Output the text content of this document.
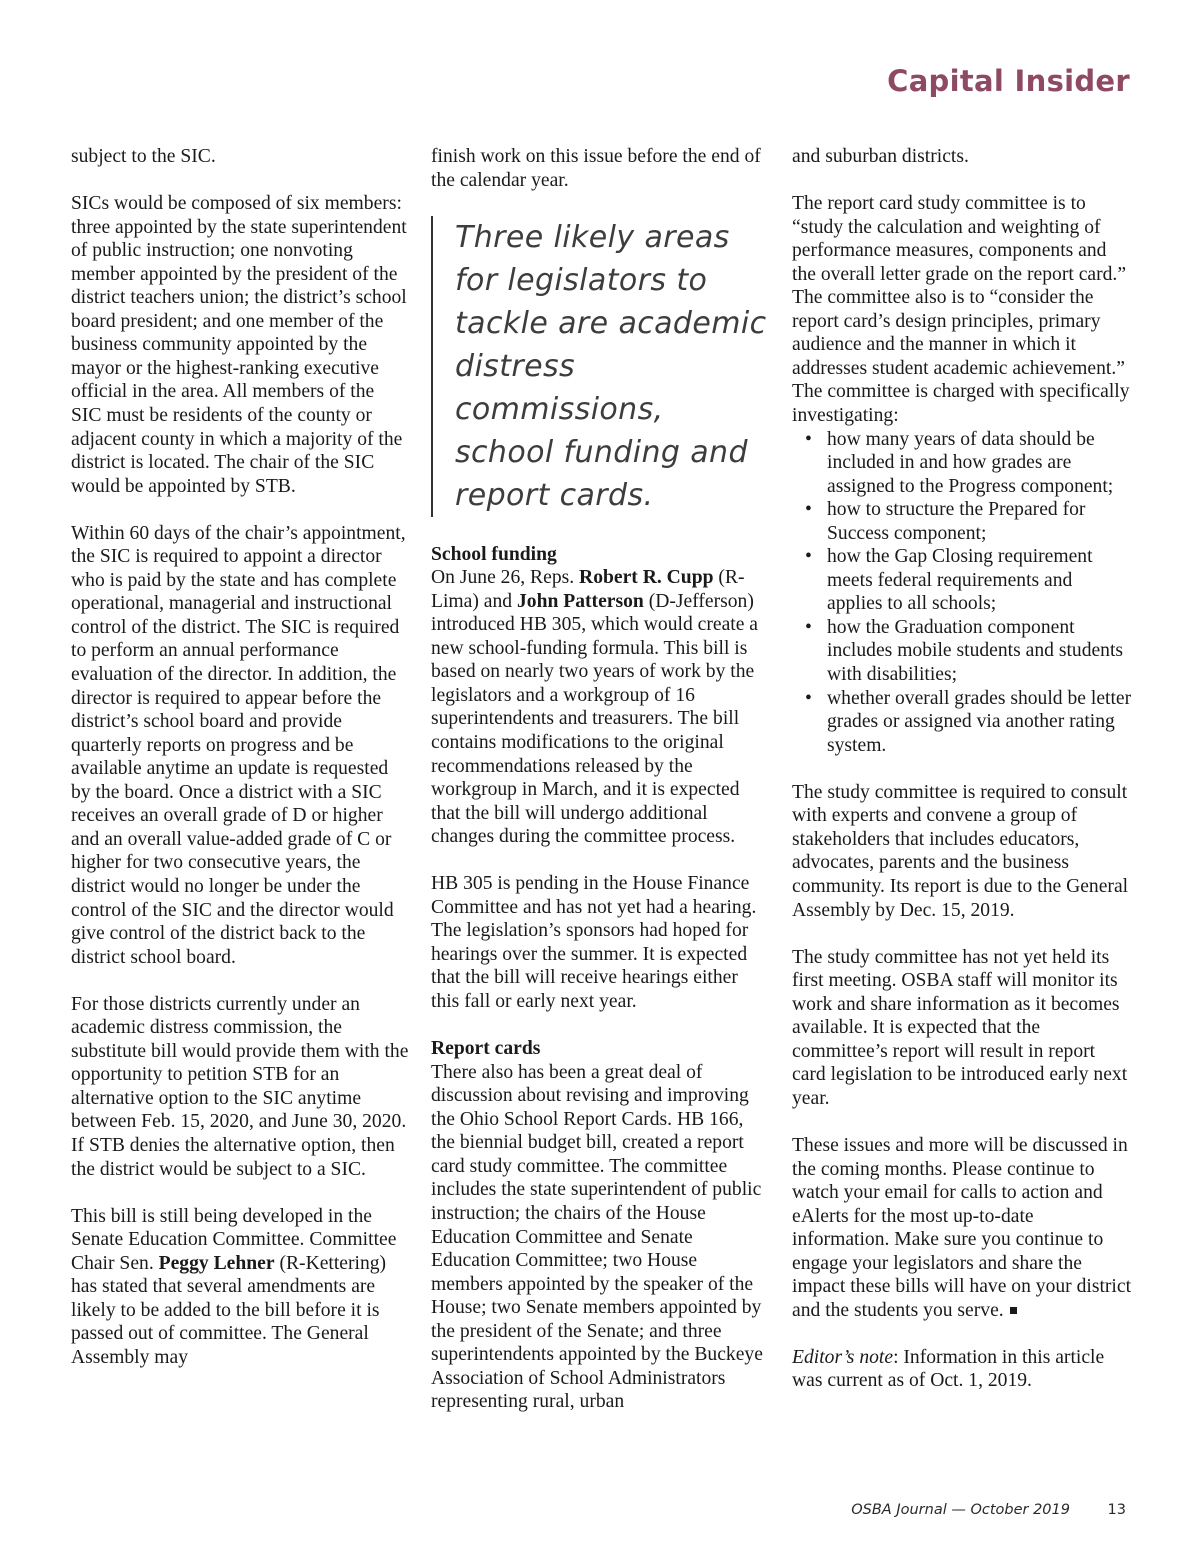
Capital Insider

subject to the SIC.

SICs would be composed of six members: three appointed by the state superintendent of public instruction; one nonvoting member appointed by the president of the district teachers union; the district’s school board president; and one member of the business community appointed by the mayor or the highest-ranking executive official in the area. All members of the SIC must be residents of the county or adjacent county in which a majority of the district is located. The chair of the SIC would be appointed by STB.

Within 60 days of the chair’s appointment, the SIC is required to appoint a director who is paid by the state and has complete operational, managerial and instructional control of the district. The SIC is required to perform an annual performance evaluation of the director. In addition, the director is required to appear before the district’s school board and provide quarterly reports on progress and be available anytime an update is requested by the board. Once a district with a SIC receives an overall grade of D or higher and an overall value-added grade of C or higher for two consecutive years, the district would no longer be under the control of the SIC and the director would give control of the district back to the district school board.

For those districts currently under an academic distress commission, the substitute bill would provide them with the opportunity to petition STB for an alternative option to the SIC anytime between Feb. 15, 2020, and June 30, 2020. If STB denies the alternative option, then the district would be subject to a SIC.

This bill is still being developed in the Senate Education Committee. Committee Chair Sen. Peggy Lehner (R-Kettering) has stated that several amendments are likely to be added to the bill before it is passed out of committee. The General Assembly may

finish work on this issue before the end of the calendar year.

Three likely areas for legislators to tackle are academic distress commissions, school funding and report cards.

School funding
On June 26, Reps. Robert R. Cupp (R-Lima) and John Patterson (D-Jefferson) introduced HB 305, which would create a new school-funding formula. This bill is based on nearly two years of work by the legislators and a workgroup of 16 superintendents and treasurers. The bill contains modifications to the original recommendations released by the workgroup in March, and it is expected that the bill will undergo additional changes during the committee process.

HB 305 is pending in the House Finance Committee and has not yet had a hearing. The legislation’s sponsors had hoped for hearings over the summer. It is expected that the bill will receive hearings either this fall or early next year.

Report cards
There also has been a great deal of discussion about revising and improving the Ohio School Report Cards. HB 166, the biennial budget bill, created a report card study committee. The committee includes the state superintendent of public instruction; the chairs of the House Education Committee and Senate Education Committee; two House members appointed by the speaker of the House; two Senate members appointed by the president of the Senate; and three superintendents appointed by the Buckeye Association of School Administrators representing rural, urban

and suburban districts.

The report card study committee is to “study the calculation and weighting of performance measures, components and the overall letter grade on the report card.” The committee also is to “consider the report card’s design principles, primary audience and the manner in which it addresses student academic achievement.” The committee is charged with specifically investigating:

• how many years of data should be included in and how grades are assigned to the Progress component;
• how to structure the Prepared for Success component;
• how the Gap Closing requirement meets federal requirements and applies to all schools;
• how the Graduation component includes mobile students and students with disabilities;
• whether overall grades should be letter grades or assigned via another rating system.

The study committee is required to consult with experts and convene a group of stakeholders that includes educators, advocates, parents and the business community. Its report is due to the General Assembly by Dec. 15, 2019.

The study committee has not yet held its first meeting. OSBA staff will monitor its work and share information as it becomes available. It is expected that the committee’s report will result in report card legislation to be introduced early next year.

These issues and more will be discussed in the coming months. Please continue to watch your email for calls to action and eAlerts for the most up-to-date information. Make sure you continue to engage your legislators and share the impact these bills will have on your district and the students you serve.

Editor’s note: Information in this article was current as of Oct. 1, 2019.

OSBA Journal — October 2019	13
